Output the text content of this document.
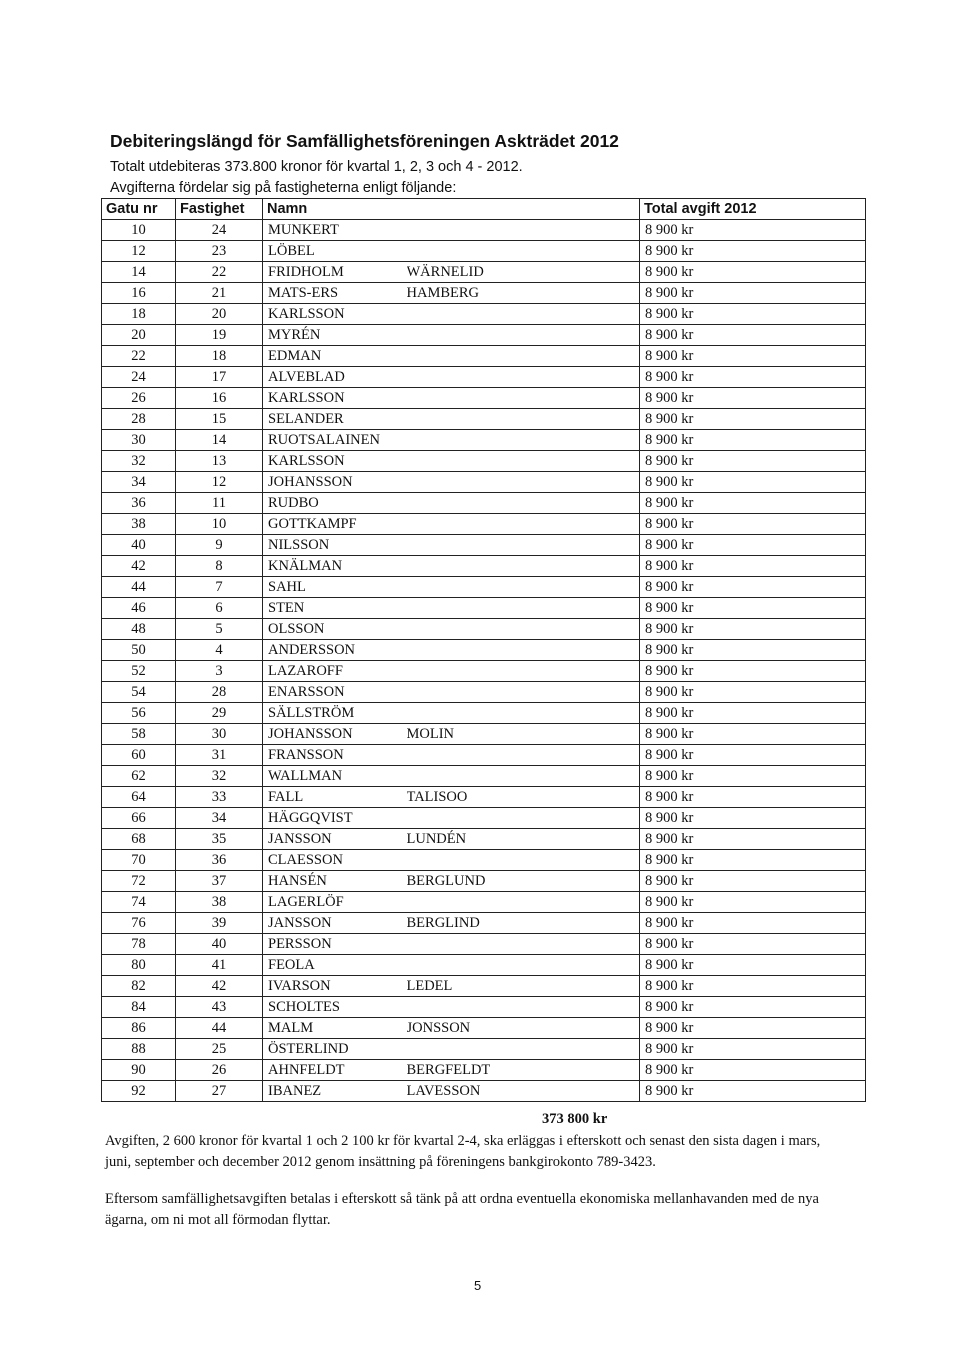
Debiteringslängd för Samfällighetsföreningen Askträdet 2012

Totalt utdebiteras 373.800 kronor för kvartal 1, 2, 3 och 4 - 2012.

Avgifterna fördelar sig på fastigheterna enligt följande:

Gatu nr	Fastighet	Namn		Total avgift 2012
10	24	MUNKERT		8 900 kr
12	23	LÖBEL		8 900 kr
14	22	FRIDHOLM	WÄRNELID	8 900 kr
16	21	MATS-ERS	HAMBERG	8 900 kr
18	20	KARLSSON		8 900 kr
20	19	MYRÉN		8 900 kr
22	18	EDMAN		8 900 kr
24	17	ALVEBLAD		8 900 kr
26	16	KARLSSON		8 900 kr
28	15	SELANDER		8 900 kr
30	14	RUOTSALAINEN		8 900 kr
32	13	KARLSSON		8 900 kr
34	12	JOHANSSON		8 900 kr
36	11	RUDBO		8 900 kr
38	10	GOTTKAMPF		8 900 kr
40	9	NILSSON		8 900 kr
42	8	KNÄLMAN		8 900 kr
44	7	SAHL		8 900 kr
46	6	STEN		8 900 kr
48	5	OLSSON		8 900 kr
50	4	ANDERSSON		8 900 kr
52	3	LAZAROFF		8 900 kr
54	28	ENARSSON		8 900 kr
56	29	SÄLLSTRÖM		8 900 kr
58	30	JOHANSSON	MOLIN	8 900 kr
60	31	FRANSSON		8 900 kr
62	32	WALLMAN		8 900 kr
64	33	FALL	TALISOO	8 900 kr
66	34	HÄGGQVIST		8 900 kr
68	35	JANSSON	LUNDÉN	8 900 kr
70	36	CLAESSON		8 900 kr
72	37	HANSÉN	BERGLUND	8 900 kr
74	38	LAGERLÖF		8 900 kr
76	39	JANSSON	BERGLIND	8 900 kr
78	40	PERSSON		8 900 kr
80	41	FEOLA		8 900 kr
82	42	IVARSON	LEDEL	8 900 kr
84	43	SCHOLTES		8 900 kr
86	44	MALM	JONSSON	8 900 kr
88	25	ÖSTERLIND		8 900 kr
90	26	AHNFELDT	BERGFELDT	8 900 kr
92	27	IBANEZ	LAVESSON	8 900 kr

373 800 kr

Avgiften, 2 600 kronor för kvartal 1 och 2 100 kr för kvartal 2-4, ska erläggas i efterskott och senast den sista dagen i mars, juni, september och december 2012 genom insättning på föreningens bankgirokonto 789-3423.

Eftersom samfällighetsavgiften betalas i efterskott så tänk på att ordna eventuella ekonomiska mellanhavanden med de nya ägarna, om ni mot all förmodan flyttar.

5
